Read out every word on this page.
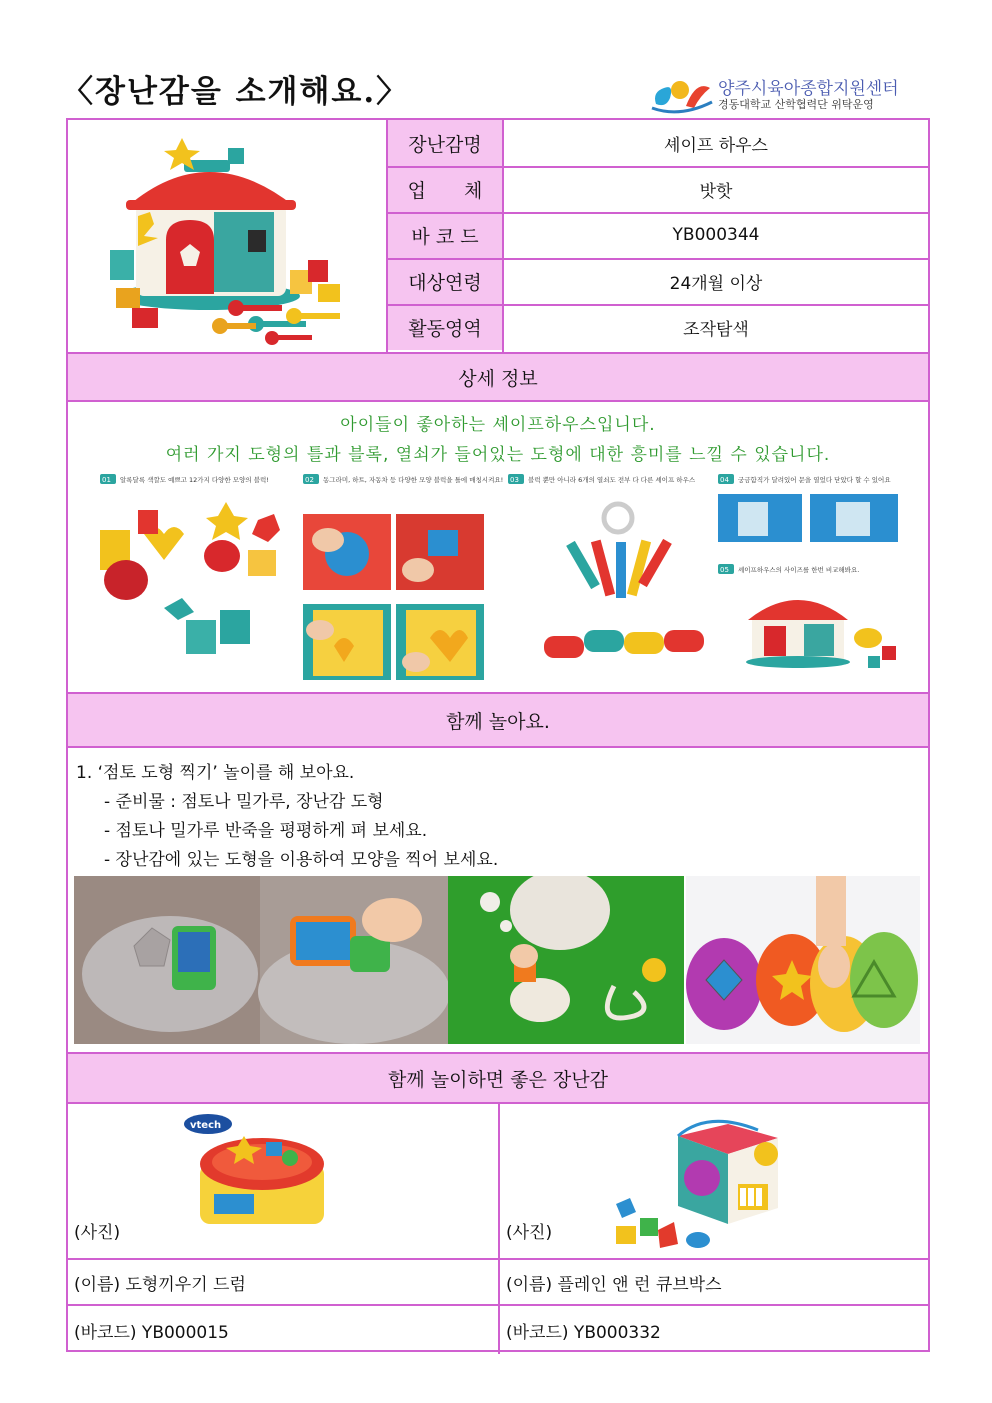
〈장난감을 소개해요.〉	양주시육아종합지원센터
경동대학교 산학협력단 위탁운영
장난감명	셰이프 하우스
업　　체	밧핫
바 코 드	YB000344
대상연령	24개월 이상
활동영역	조작탐색
상세 정보
아이들이 좋아하는 셰이프하우스입니다.
여러 가지 도형의 틀과 블록, 열쇠가 들어있는 도형에 대한 흥미를 느낄 수 있습니다.
01 알록달록 색깔도 예쁘고 12가지 다양한 모양의 블럭!	02 동그라미, 하트, 자동차 등 다양한 모양 블럭을 틀에 매칭시켜요! 03 블럭 뿐만 아니라 6개의 열쇠도 전부 다 다른 셰이프 하우스	04 궁금함직가 달려있어 문을 열었다 닫았다 할 수 있어요
05 셰이프하우스의 사이즈를 한번 비교해봐요.
함께 놀아요.
1. ‘점토 도형 찍기’ 놀이를 해 보아요.
- 준비물 : 점토나 밀가루, 장난감 도형
- 점토나 밀가루 반죽을 평평하게 펴 보세요.
- 장난감에 있는 도형을 이용하여 모양을 찍어 보세요.
함께 놀이하면 좋은 장난감
vtech
(사진)	(사진)
(이름) 도형끼우기 드럼	(이름) 플레인 앤 런 큐브박스
(바코드) YB000015	(바코드) YB000332
